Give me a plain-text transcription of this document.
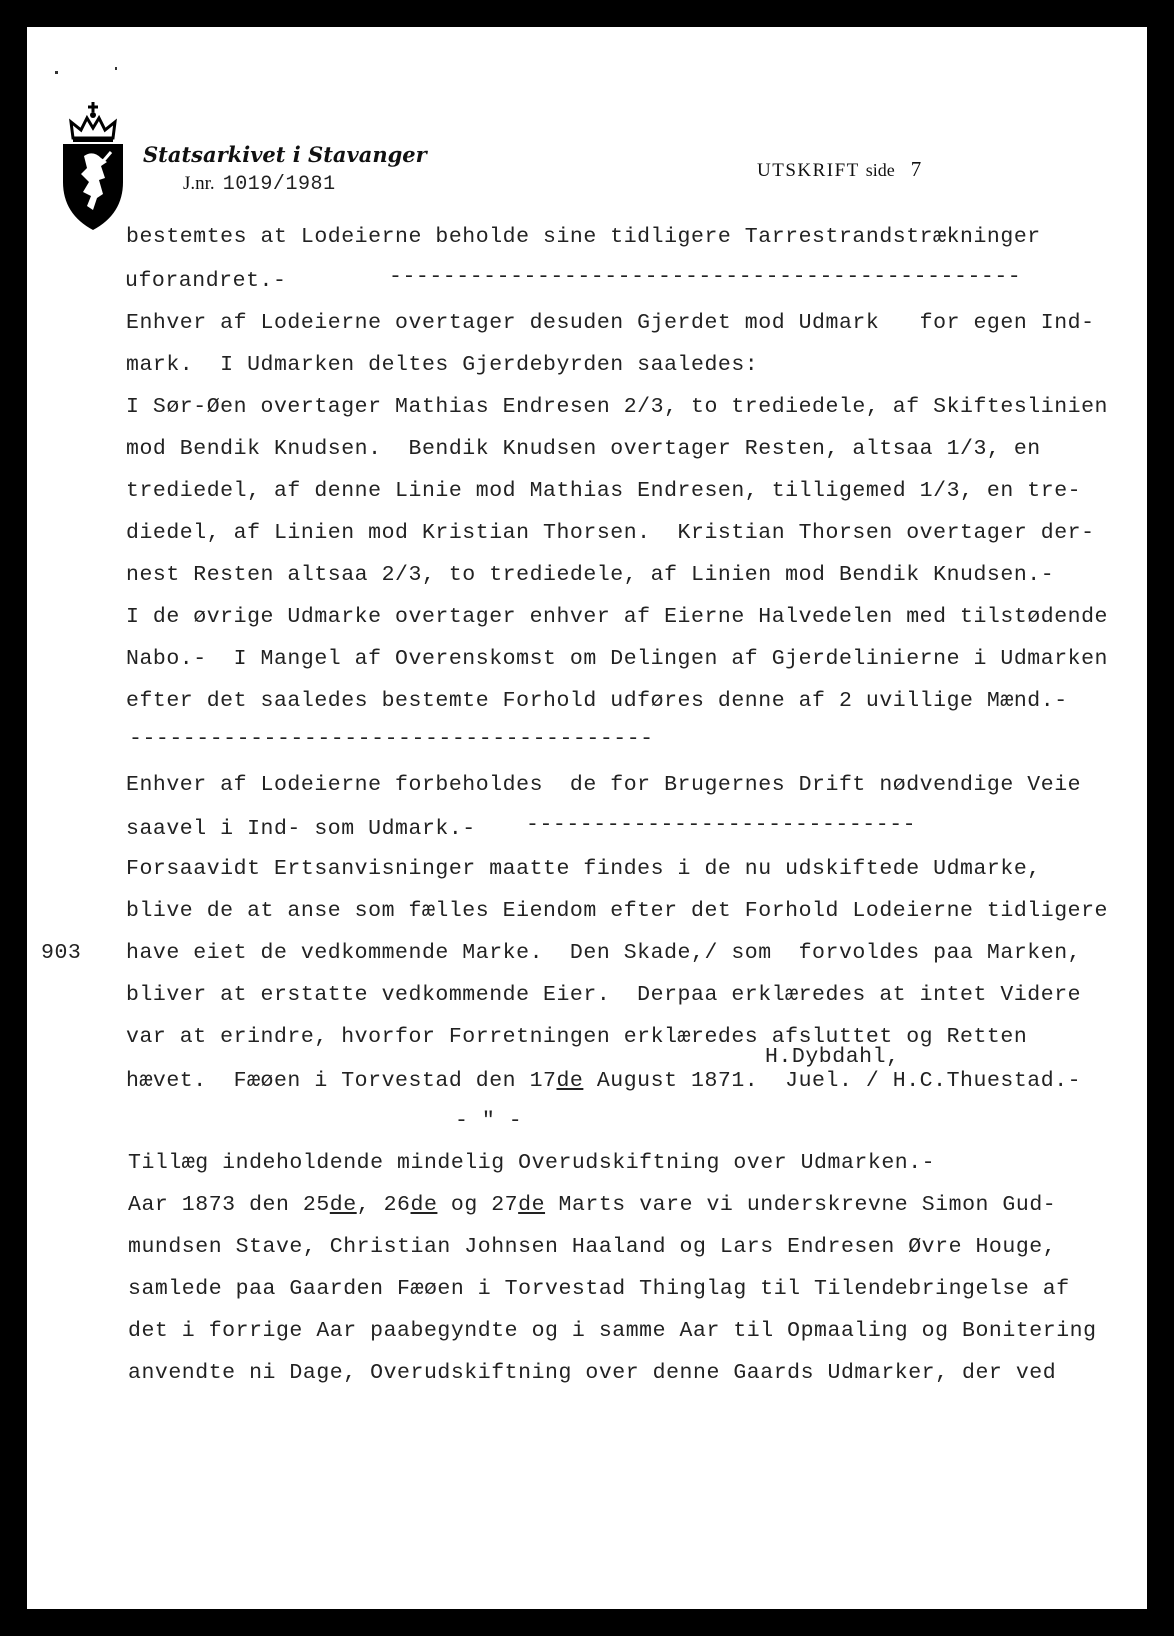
Statsarkivet i Stavanger
J.nr. 1019/1981
UTSKRIFT side 7
bestemtes at Lodeierne beholde sine tidligere Tarrestrandstrækninger
uforandret.-	-----------------------------------------------
Enhver af Lodeierne overtager desuden Gjerdet mod Udmark   for egen Ind-
mark.  I Udmarken deltes Gjerdebyrden saaledes:
I Sør-Øen overtager Mathias Endresen 2/3, to trediedele, af Skifteslinien
mod Bendik Knudsen.  Bendik Knudsen overtager Resten, altsaa 1/3, en
trediedel, af denne Linie mod Mathias Endresen, tilligemed 1/3, en tre-
diedel, af Linien mod Kristian Thorsen.  Kristian Thorsen overtager der-
nest Resten altsaa 2/3, to trediedele, af Linien mod Bendik Knudsen.-
I de øvrige Udmarke overtager enhver af Eierne Halvedelen med tilstødende
Nabo.-  I Mangel af Overenskomst om Delingen af Gjerdelinierne i Udmarken
efter det saaledes bestemte Forhold udføres denne af 2 uvillige Mænd.-
---------------------------------------
Enhver af Lodeierne forbeholdes  de for Brugernes Drift nødvendige Veie
saavel i Ind- som Udmark.- -----------------------------
Forsaavidt Ertsanvisninger maatte findes i de nu udskiftede Udmarke,
blive de at anse som fælles Eiendom efter det Forhold Lodeierne tidligere
903 have eiet de vedkommende Marke.  Den Skade,/ som  forvoldes paa Marken,
bliver at erstatte vedkommende Eier.  Derpaa erklæredes at intet Videre
var at erindre, hvorfor Forretningen erklæredes afsluttet og Retten
H.Dybdahl,
hævet.  Fæøen i Torvestad den 17de August 1871.  Juel. / H.C.Thuestad.-
- " -
Tillæg indeholdende mindelig Overudskiftning over Udmarken.-
Aar 1873 den 25de, 26de og 27de Marts vare vi underskrevne Simon Gud-
mundsen Stave, Christian Johnsen Haaland og Lars Endresen Øvre Houge,
samlede paa Gaarden Fæøen i Torvestad Thinglag til Tilendebringelse af
det i forrige Aar paabegyndte og i samme Aar til Opmaaling og Bonitering
anvendte ni Dage, Overudskiftning over denne Gaards Udmarker, der ved
